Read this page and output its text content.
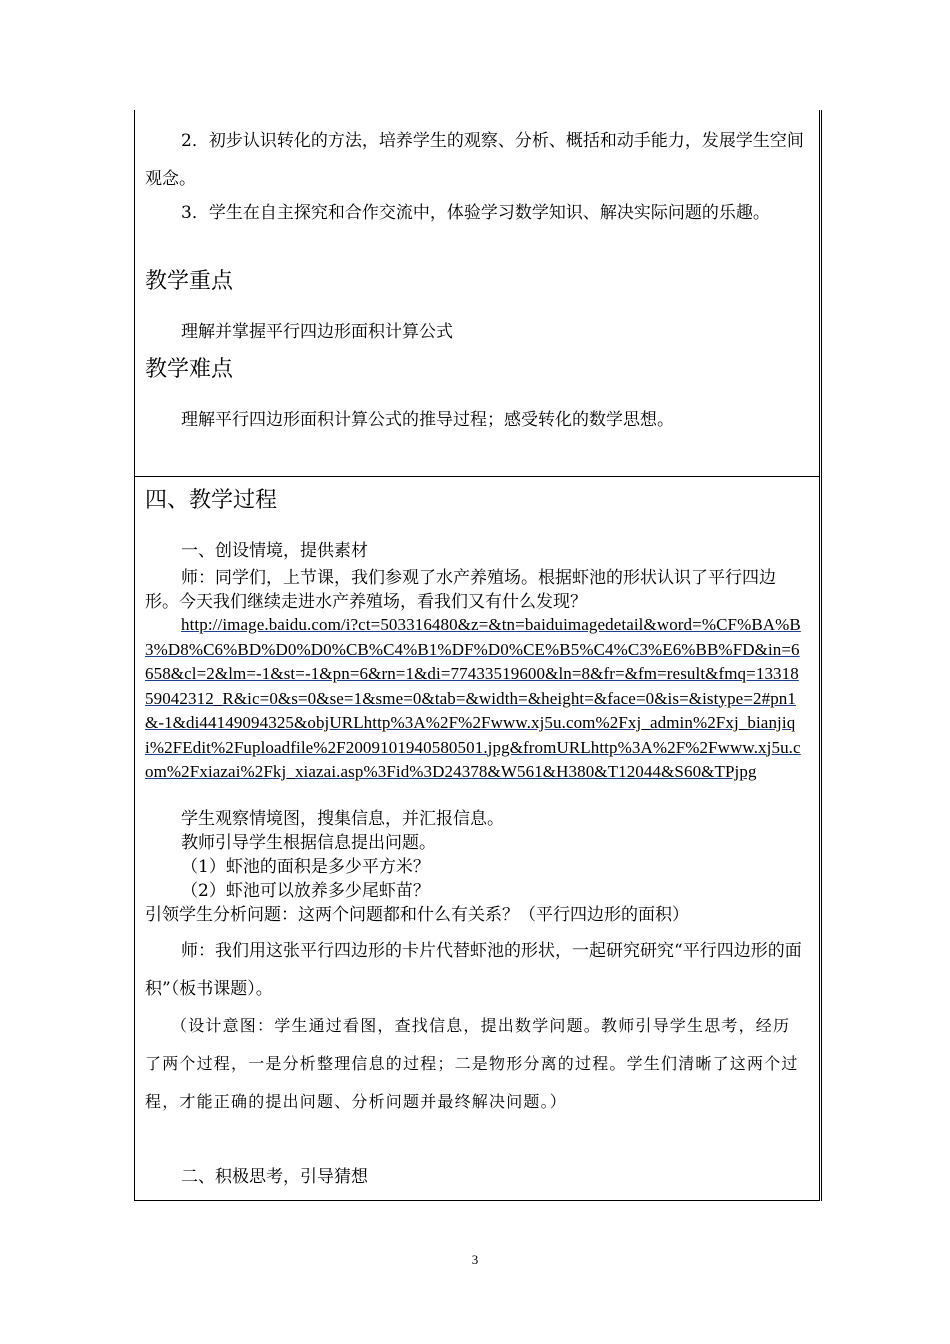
2．初步认识转化的方法，培养学生的观察、分析、概括和动手能力，发展学生空间观念。

3．学生在自主探究和合作交流中，体验学习数学知识、解决实际问题的乐趣。

教学重点

理解并掌握平行四边形面积计算公式

教学难点

理解平行四边形面积计算公式的推导过程；感受转化的数学思想。

四、教学过程

一、创设情境，提供素材

师：同学们，上节课，我们参观了水产养殖场。根据虾池的形状认识了平行四边形。今天我们继续走进水产养殖场，看我们又有什么发现？

http://image.baidu.com/i?ct=503316480&z=&tn=baiduimagedetail&word=%CF%BA%B3%D8%C6%BD%D0%D0%CB%C4%B1%DF%D0%CE%B5%C4%C3%E6%BB%FD&in=6658&cl=2&lm=-1&st=-1&pn=6&rn=1&di=77433519600&ln=8&fr=&fm=result&fmq=1331859042312_R&ic=0&s=0&se=1&sme=0&tab=&width=&height=&face=0&is=&istype=2#pn1&-1&di44149094325&objURLhttp%3A%2F%2Fwww.xj5u.com%2Fxj_admin%2Fxj_bianjiqi%2FEdit%2Fuploadfile%2F2009101940580501.jpg&fromURLhttp%3A%2F%2Fwww.xj5u.com%2Fxiazai%2Fkj_xiazai.asp%3Fid%3D24378&W561&H380&T12044&S60&TPjpg

学生观察情境图，搜集信息，并汇报信息。

教师引导学生根据信息提出问题。

（1）虾池的面积是多少平方米？

（2）虾池可以放养多少尾虾苗？

引领学生分析问题：这两个问题都和什么有关系？（平行四边形的面积）

师：我们用这张平行四边形的卡片代替虾池的形状，一起研究研究“平行四边形的面积”（板书课题）。

（设计意图：学生通过看图，查找信息，提出数学问题。教师引导学生思考，经历了两个过程，一是分析整理信息的过程；二是物形分离的过程。学生们清晰了这两个过程，才能正确的提出问题、分析问题并最终解决问题。）

二、积极思考，引导猜想

3
